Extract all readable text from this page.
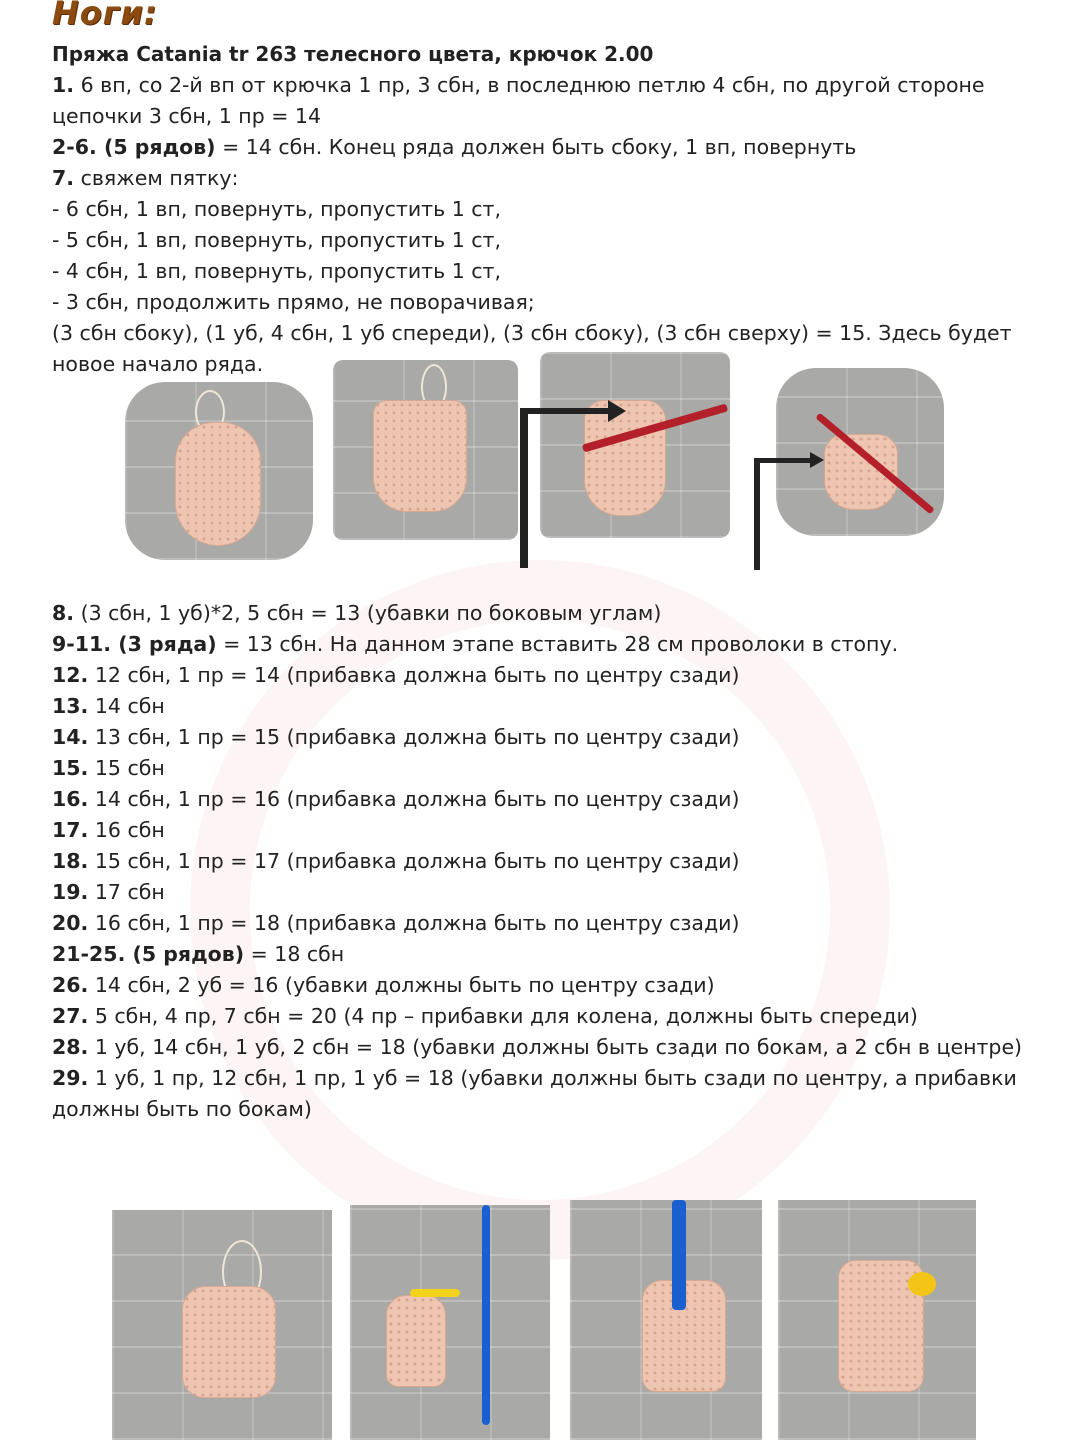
Ноги:
Пряжа Catania tr 263 телесного цвета, крючок 2.00

1. 6 вп, со 2-й вп от крючка 1 пр, 3 сбн, в последнюю петлю 4 сбн, по другой стороне

цепочки 3 сбн, 1 пр = 14

2-6. (5 рядов) = 14 сбн. Конец ряда должен быть сбоку, 1 вп, повернуть

7. свяжем пятку:

- 6 сбн, 1 вп, повернуть, пропустить 1 ст,

- 5 сбн, 1 вп, повернуть, пропустить 1 ст,

- 4 сбн, 1 вп, повернуть, пропустить 1 ст,

- 3 сбн, продолжить прямо, не поворачивая;

(3 сбн сбоку), (1 уб, 4 сбн, 1 уб спереди), (3 сбн сбоку), (3 сбн сверху) = 15. Здесь будет

новое начало ряда.

8. (3 сбн, 1 уб)*2, 5 сбн = 13 (убавки по боковым углам)

9-11. (3 ряда) = 13 сбн. На данном этапе вставить 28 см проволоки в стопу.

12. 12 сбн, 1 пр = 14 (прибавка должна быть по центру сзади)

13. 14 сбн

14. 13 сбн, 1 пр = 15 (прибавка должна быть по центру сзади)

15. 15 сбн

16. 14 сбн, 1 пр = 16 (прибавка должна быть по центру сзади)

17. 16 сбн

18. 15 сбн, 1 пр = 17 (прибавка должна быть по центру сзади)

19. 17 сбн

20. 16 сбн, 1 пр = 18 (прибавка должна быть по центру сзади)

21-25. (5 рядов) = 18 сбн

26. 14 сбн, 2 уб = 16 (убавки должны быть по центру сзади)

27. 5 сбн, 4 пр, 7 сбн = 20 (4 пр – прибавки для колена, должны быть спереди)

28. 1 уб, 14 сбн, 1 уб, 2 сбн = 18 (убавки должны быть сзади по бокам, а 2 сбн в центре)

29. 1 уб, 1 пр, 12 сбн, 1 пр, 1 уб = 18 (убавки должны быть сзади по центру, а прибавки

должны быть по бокам)
